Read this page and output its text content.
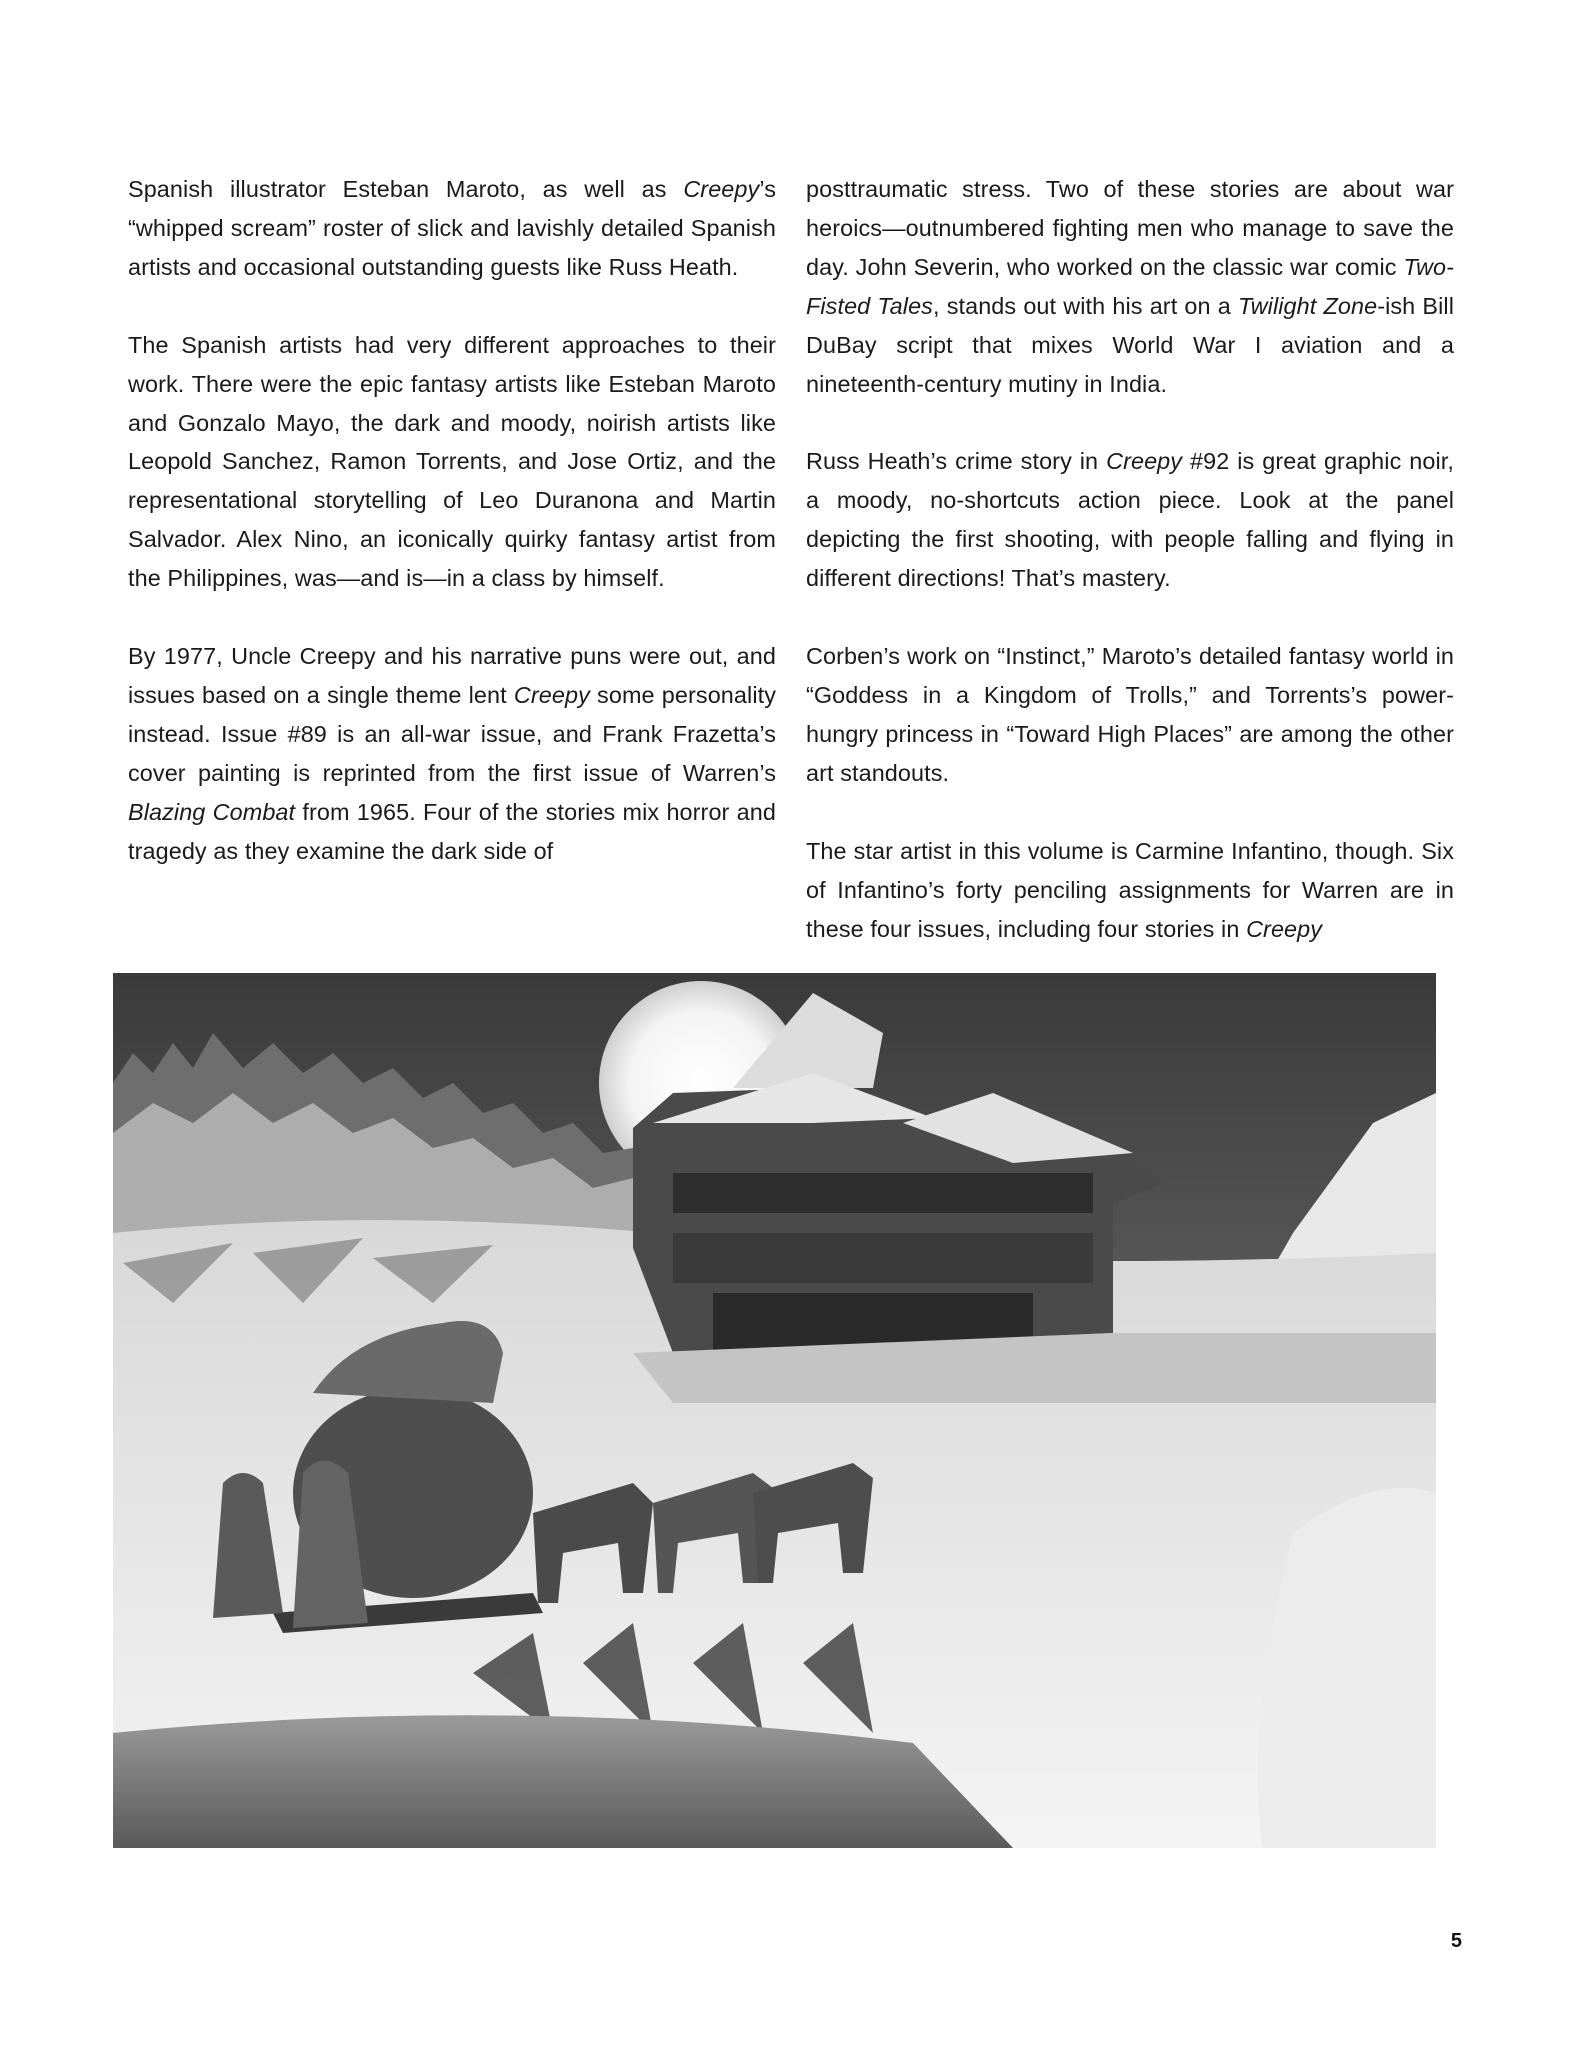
Spanish illustrator Esteban Maroto, as well as Creepy’s “whipped scream” roster of slick and lavishly detailed Spanish artists and occasional outstanding guests like Russ Heath.

The Spanish artists had very different approaches to their work. There were the epic fantasy artists like Esteban Maroto and Gonzalo Mayo, the dark and moody, noirish artists like Leopold Sanchez, Ramon Torrents, and Jose Ortiz, and the representational storytelling of Leo Duranona and Martin Salvador. Alex Nino, an iconically quirky fantasy artist from the Philippines, was—and is—in a class by himself.

By 1977, Uncle Creepy and his narrative puns were out, and issues based on a single theme lent Creepy some personality instead. Issue #89 is an all-war issue, and Frank Frazetta’s cover painting is reprinted from the first issue of Warren’s Blazing Combat from 1965. Four of the stories mix horror and tragedy as they examine the dark side of

posttraumatic stress. Two of these stories are about war heroics—outnumbered fighting men who manage to save the day. John Severin, who worked on the classic war comic Two-Fisted Tales, stands out with his art on a Twilight Zone-ish Bill DuBay script that mixes World War I aviation and a nineteenth-century mutiny in India.

Russ Heath’s crime story in Creepy #92 is great graphic noir, a moody, no-shortcuts action piece. Look at the panel depicting the first shooting, with people falling and flying in different directions! That’s mastery.

Corben’s work on “Instinct,” Maroto’s detailed fantasy world in “Goddess in a Kingdom of Trolls,” and Torrents’s power-hungry princess in “Toward High Places” are among the other art standouts.

The star artist in this volume is Carmine Infantino, though. Six of Infantino’s forty penciling assignments for Warren are in these four issues, including four stories in Creepy

5
